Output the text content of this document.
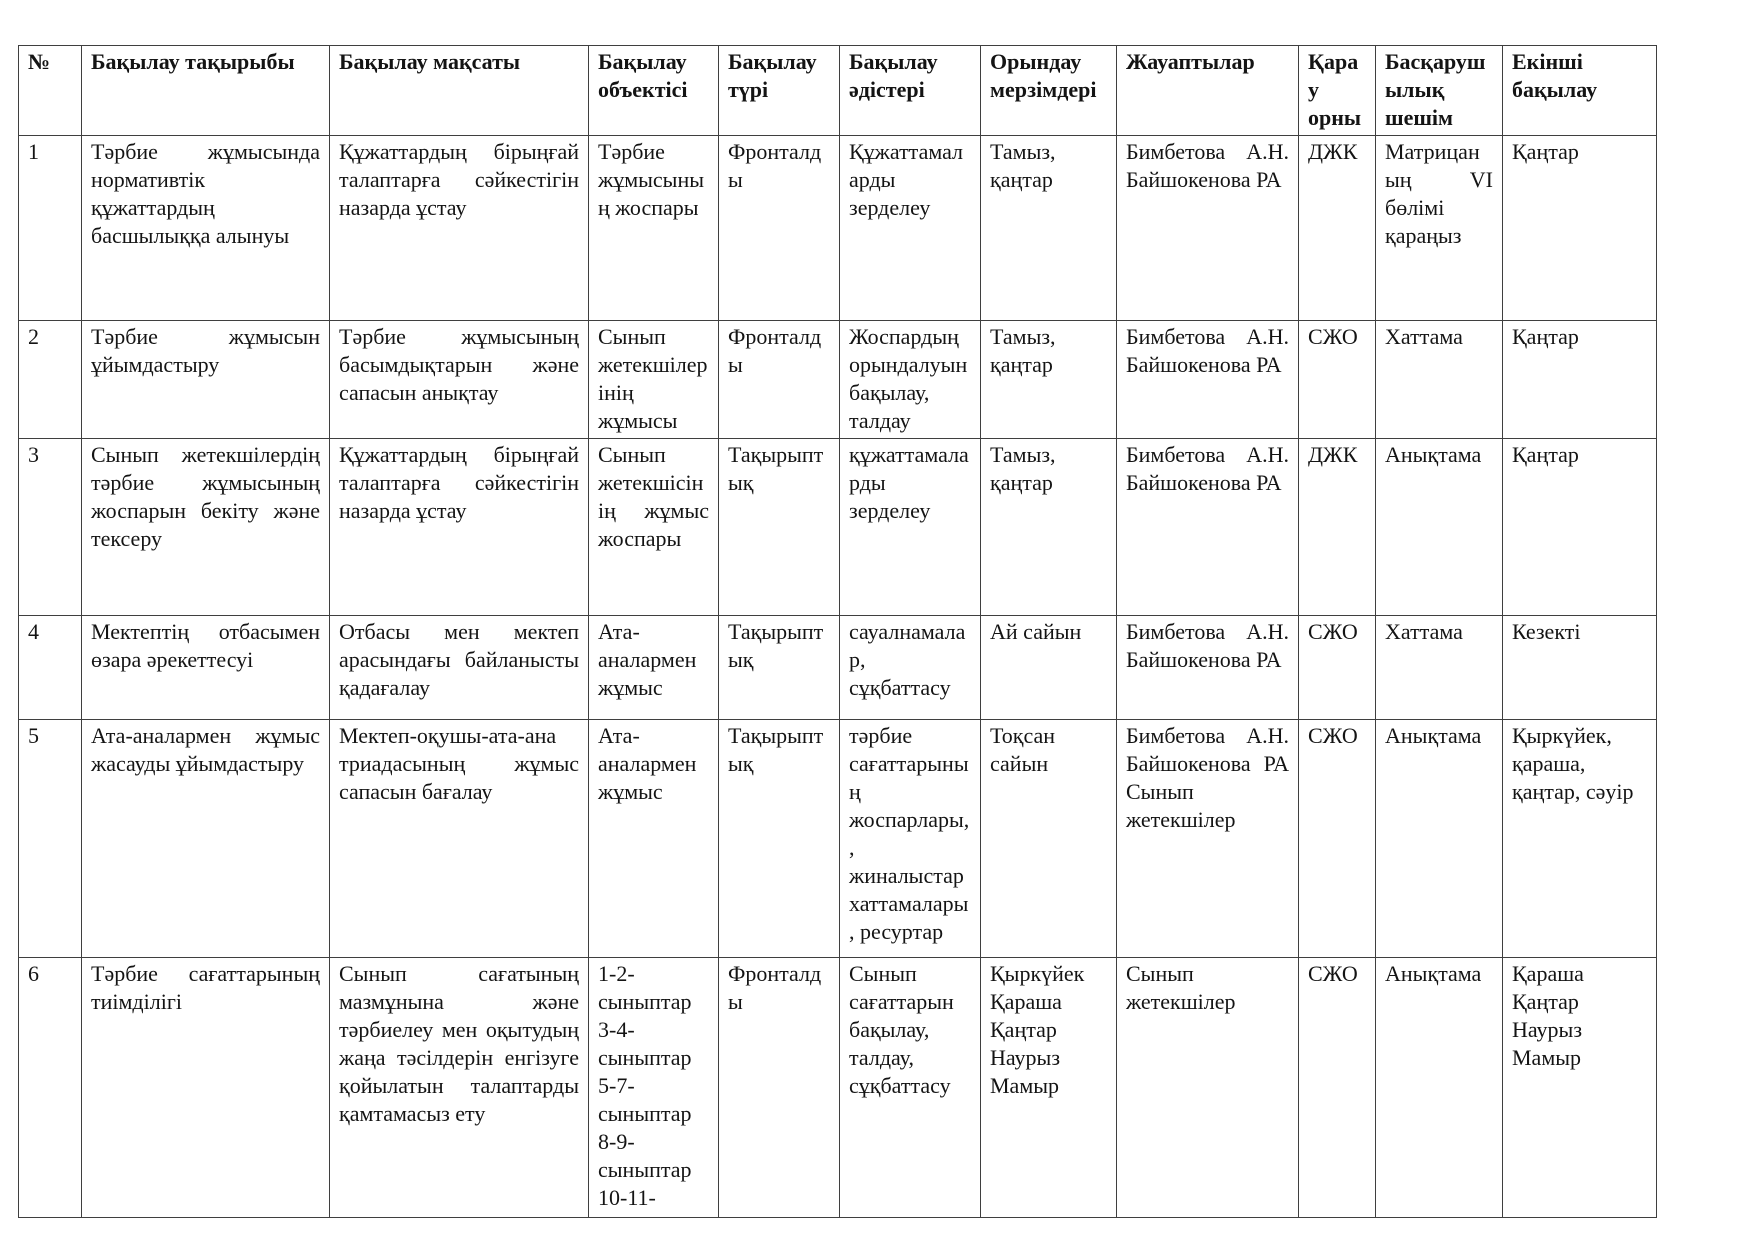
№	Бақылау тақырыбы	Бақылау мақсаты	Бақылау объектісі	Бақылау түрі	Бақылау әдістері	Орындау мерзімдері	Жауаптылар	Қарау орны	Басқарушылық шешім	Екінші бақылау
1	Тәрбие жұмысында нормативтік құжаттардың басшылыққа алынуы	Құжаттардың бірыңғай талаптарға сәйкестігін назарда ұстау	Тәрбие жұмысының жоспары	Фронталды	Құжаттамаларды зерделеу	Тамыз, қаңтар	Бимбетова А.Н. Байшокенова РА	ДЖК	Матрицаның VI бөлімі қараңыз	Қаңтар
2	Тәрбие жұмысын ұйымдастыру	Тәрбие жұмысының басымдықтарын және сапасын анықтау	Сынып жетекшілерінің жұмысы	Фронталды	Жоспардың орындалуын бақылау, талдау	Тамыз, қаңтар	Бимбетова А.Н. Байшокенова РА	СЖО	Хаттама	Қаңтар
3	Сынып жетекшілердің тәрбие жұмысының жоспарын бекіту және тексеру	Құжаттардың бірыңғай талаптарға сәйкестігін назарда ұстау	Сынып жетекшісінің жұмыс жоспары	Тақырыптық	құжаттамаларды зерделеу	Тамыз, қаңтар	Бимбетова А.Н. Байшокенова РА	ДЖК	Анықтама	Қаңтар
4	Мектептің отбасымен өзара әрекеттесуі	Отбасы мен мектеп арасындағы байланысты қадағалау	Ата-аналармен жұмыс	Тақырыптық	сауалнамалар, сұқбаттасу	Ай сайын	Бимбетова А.Н. Байшокенова РА	СЖО	Хаттама	Кезекті
5	Ата-аналармен жұмыс жасауды ұйымдастыру	Мектеп-оқушы-ата-ана триадасының жұмыс сапасын бағалау	Ата-аналармен жұмыс	Тақырыптық	тәрбие сағаттарының жоспарлары, , жиналыстар хаттамалары, ресуртар	Тоқсан сайын	Бимбетова А.Н. Байшокенова РА Сынып жетекшілер	СЖО	Анықтама	Қыркүйек, қараша, қаңтар, сәуір
6	Тәрбие сағаттарының тиімділігі	Сынып сағатының мазмұнына және тәрбиелеу мен оқытудың жаңа тәсілдерін енгізуге қойылатын талаптарды қамтамасыз ету	1-2- сыныптар 3-4- сыныптар 5-7- сыныптар 8-9- сыныптар 10-11-	Фронталды	Сынып сағаттарын бақылау, талдау, сұқбаттасу	Қыркүйек Қараша Қаңтар Наурыз Мамыр	Сынып жетекшілер	СЖО	Анықтама	Қараша Қаңтар Наурыз Мамыр
